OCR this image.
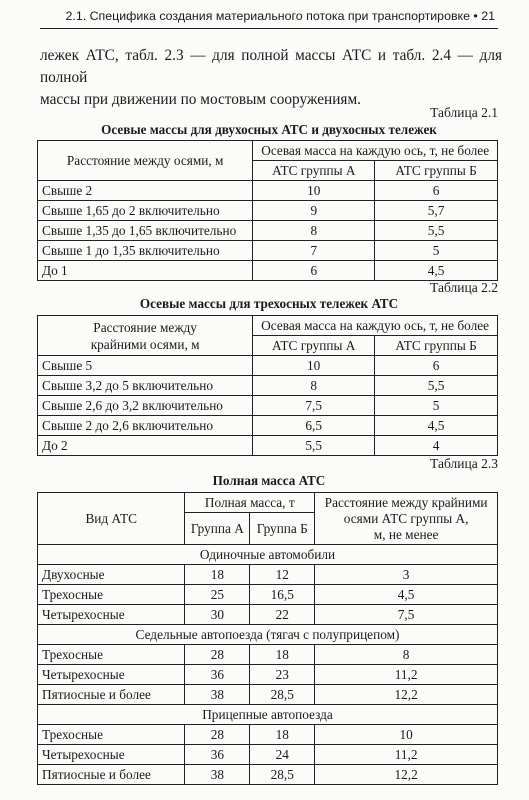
2.1. Специфика создания материального потока при транспортировке • 21
лежек АТС, табл. 2.3 — для полной массы АТС и табл. 2.4 — для полной
массы при движении по мостовым сооружениям.
Таблица 2.1
Осевые массы для двухосных АТС и двухосных тележек
Расстояние между осями, м	Осевая масса на каждую ось, т, не более	
	АТС группы А	АТС группы Б
Свыше 2	10	6
Свыше 1,65 до 2 включительно	9	5,7
Свыше 1,35 до 1,65 включительно	8	5,5
Свыше 1 до 1,35 включительно	7	5
До 1	6	4,5
Таблица 2.2
Осевые массы для трехосных тележек АТС
Расстояние между
крайними осями, м	Осевая масса на каждую ось, т, не более	
	АТС группы А	АТС группы Б
Свыше 5	10	6
Свыше 3,2 до 5 включительно	8	5,5
Свыше 2,6 до 3,2 включительно	7,5	5
Свыше 2 до 2,6 включительно	6,5	4,5
До 2	5,5	4
Таблица 2.3
Полная масса АТС
Вид АТС	Полная масса, т		Расстояние между крайними
осями АТС группы А,
м, не менее

	Группа А	Группа Б	
Одиночные автомобили			
Двухосные	18	12	3
Трехосные	25	16,5	4,5
Четырехосные	30	22	7,5
Седельные автопоезда (тягач с полуприцепом)			
Трехосные	28	18	8
Четырехосные	36	23	11,2
Пятиосные и более	38	28,5	12,2
Прицепные автопоезда			
Трехосные	28	18	10
Четырехосные	36	24	11,2
Пятиосные и более	38	28,5	12,2
